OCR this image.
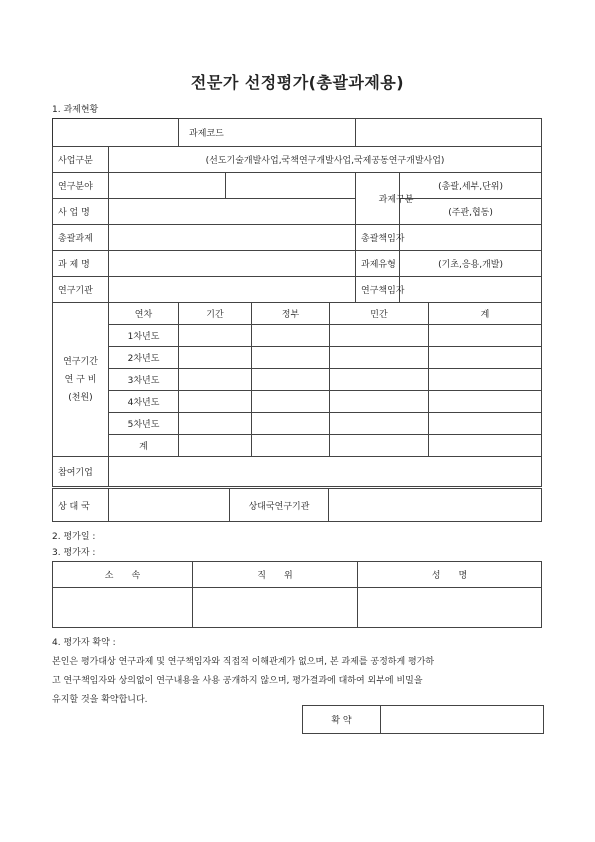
전문가 선정평가(총괄과제용)
1. 과제현황
		과제코드			
사업구분	(선도기술개발사업,국책연구개발사업,국제공동연구개발사업)				
연구분야				과제구분	(총괄,세부,단위)
사 업 명					(주관,협동)
총괄과제				총괄책임자	
과 제 명				과제유형	(기초,응용,개발)
연구기관				연구책임자	
연구기간
연 구 비
(천원)	연차	기간	정부	민간	계
	1차년도				
	2차년도				
	3차년도				
	4차년도				
	5차년도				
	계				
참여기업					
상 대 국		상대국연구기관	
2. 평가일 :
3. 평가자 :
소　　속	직　　위	성　　명

4. 평가자 확약 :
본인은 평가대상 연구과제 및 연구책임자와 직접적 이해관계가 없으며, 본 과제를 공정하게 평가하
고 연구책임자와 상의없이 연구내용을 사용 공개하지 않으며, 평가결과에 대하여 외부에 비밀을
유지할 것을 확약합니다.
확 약	
